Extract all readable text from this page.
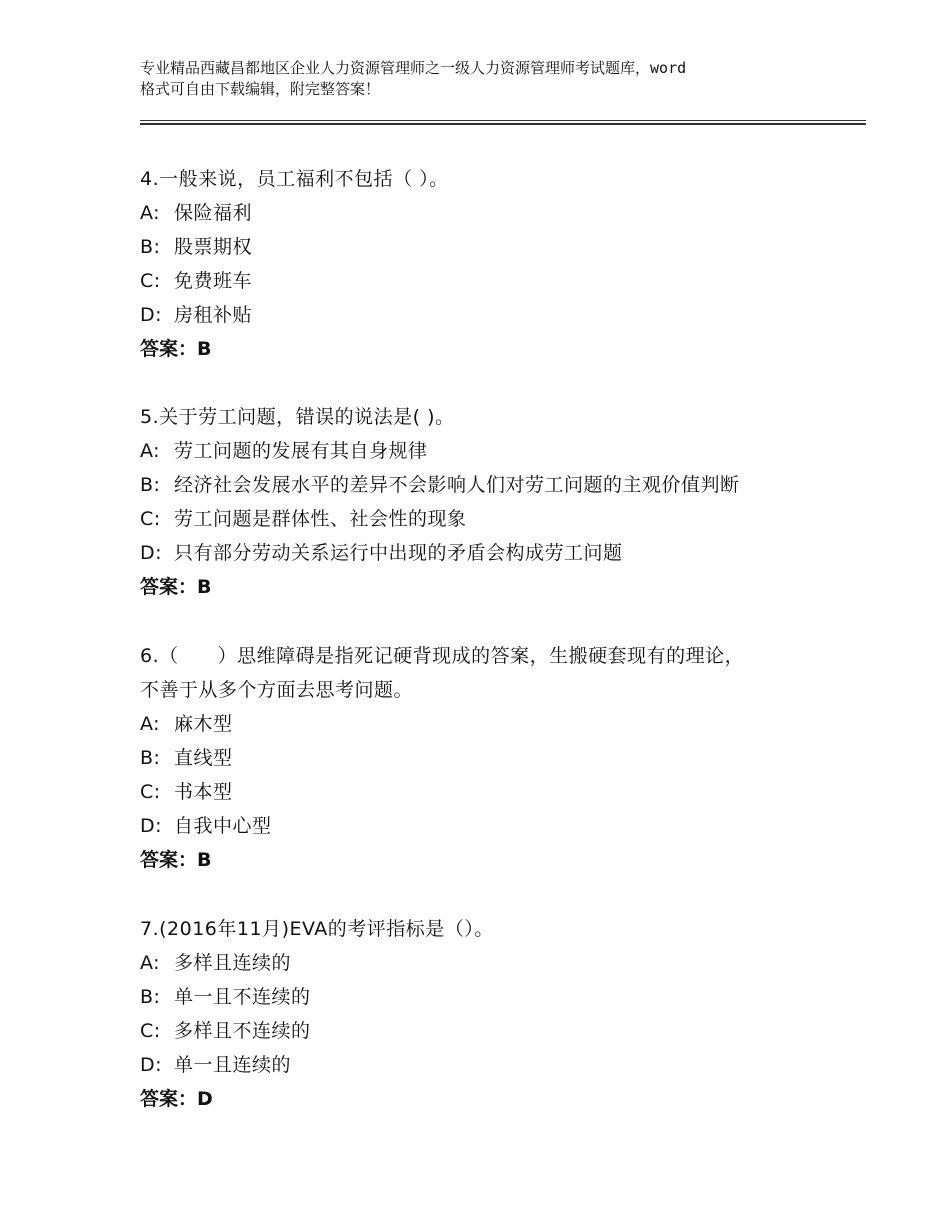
专业精品西藏昌都地区企业人力资源管理师之一级人力资源管理师考试题库，word
格式可自由下载编辑，附完整答案！
4.一般来说，员工福利不包括（ ）。
A: 保险福利
B: 股票期权
C: 免费班车
D: 房租补贴
答案：B
5.关于劳工问题，错误的说法是( )。
A: 劳工问题的发展有其自身规律
B: 经济社会发展水平的差异不会影响人们对劳工问题的主观价值判断
C: 劳工问题是群体性、社会性的现象
D: 只有部分劳动关系运行中出现的矛盾会构成劳工问题
答案：B
6.（　　）思维障碍是指死记硬背现成的答案，生搬硬套现有的理论，
不善于从多个方面去思考问题。
A: 麻木型
B: 直线型
C: 书本型
D: 自我中心型
答案：B
7.(2016年11月)EVA的考评指标是（）。
A: 多样且连续的
B: 单一且不连续的
C: 多样且不连续的
D: 单一且连续的
答案：D
